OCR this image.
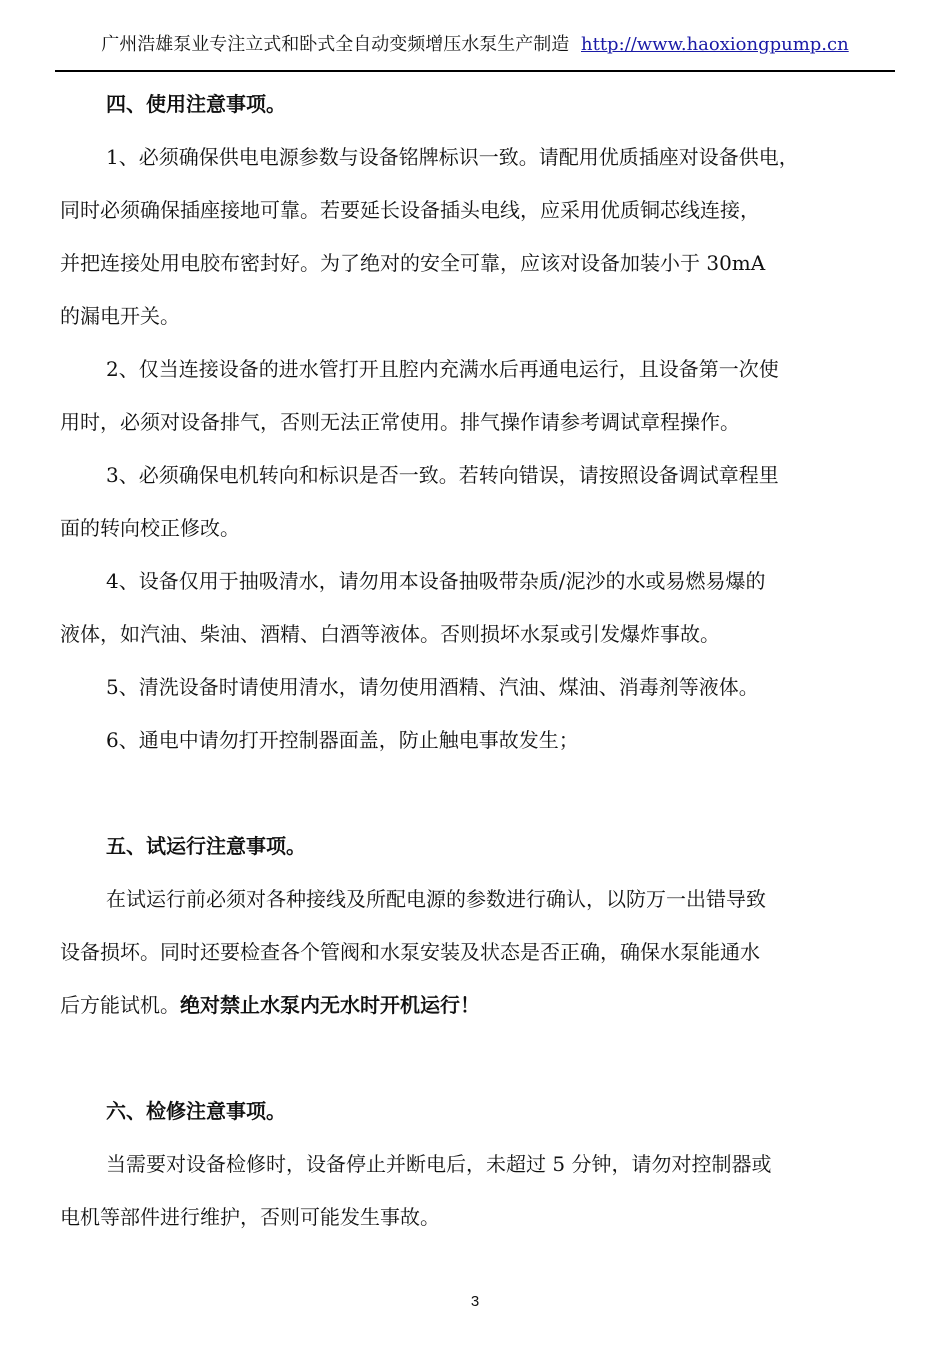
广州浩雄泵业专注立式和卧式全自动变频增压水泵生产制造 http://www.haoxiongpump.cn
四、使用注意事项。
1、必须确保供电电源参数与设备铭牌标识一致。请配用优质插座对设备供电，
同时必须确保插座接地可靠。若要延长设备插头电线，应采用优质铜芯线连接，
并把连接处用电胶布密封好。为了绝对的安全可靠，应该对设备加装小于 30mA
的漏电开关。
2、仅当连接设备的进水管打开且腔内充满水后再通电运行，且设备第一次使
用时，必须对设备排气，否则无法正常使用。排气操作请参考调试章程操作。
3、必须确保电机转向和标识是否一致。若转向错误，请按照设备调试章程里
面的转向校正修改。
4、设备仅用于抽吸清水，请勿用本设备抽吸带杂质/泥沙的水或易燃易爆的
液体，如汽油、柴油、酒精、白酒等液体。否则损坏水泵或引发爆炸事故。
5、清洗设备时请使用清水，请勿使用酒精、汽油、煤油、消毒剂等液体。
6、通电中请勿打开控制器面盖，防止触电事故发生；
五、试运行注意事项。
在试运行前必须对各种接线及所配电源的参数进行确认，以防万一出错导致
设备损坏。同时还要检查各个管阀和水泵安装及状态是否正确，确保水泵能通水
后方能试机。绝对禁止水泵内无水时开机运行！
六、检修注意事项。
当需要对设备检修时，设备停止并断电后，未超过 5 分钟，请勿对控制器或
电机等部件进行维护，否则可能发生事故。
3
